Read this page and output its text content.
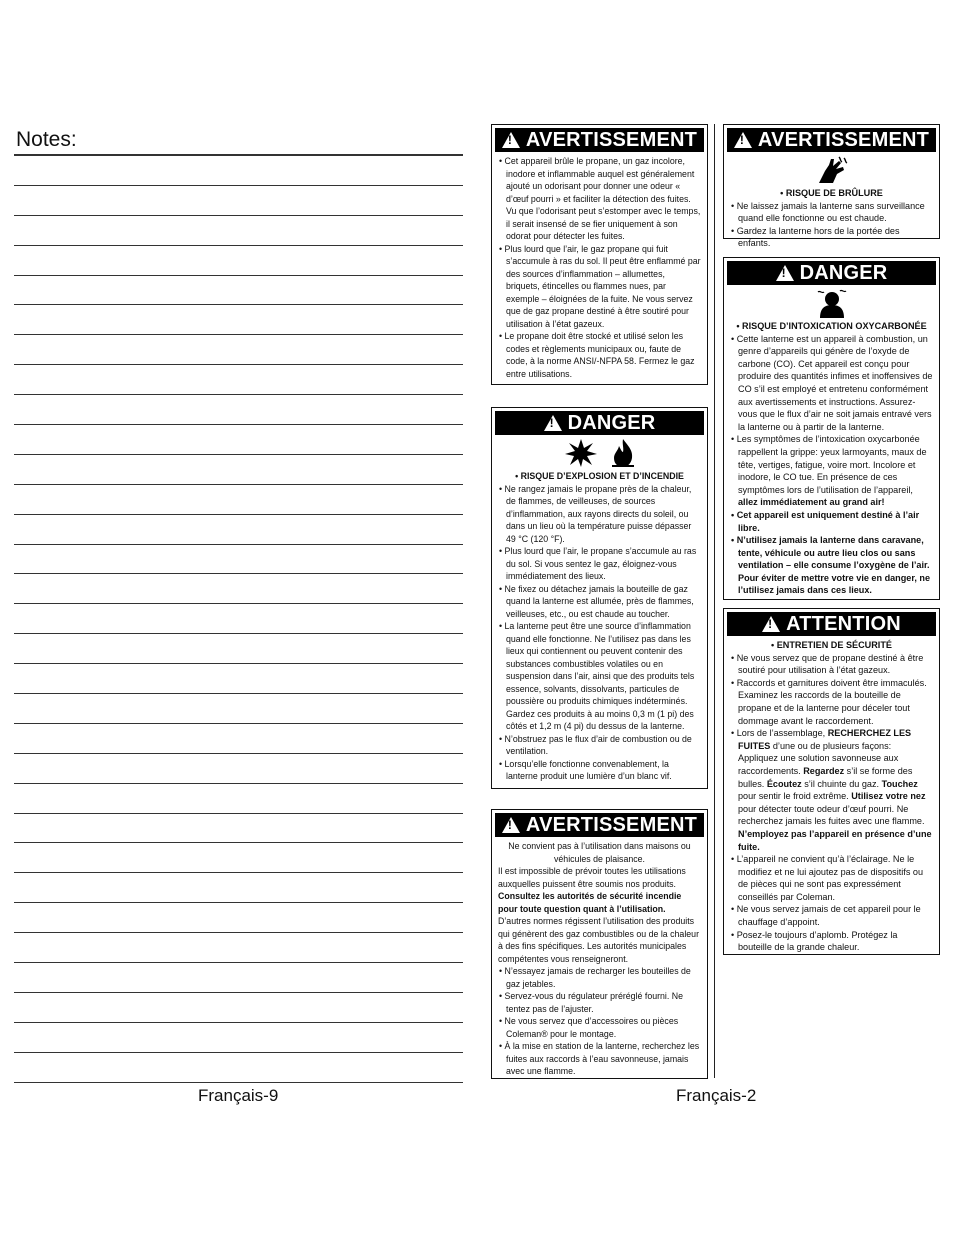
Notes:
Français-9	Français-2
!
AVERTISSEMENT
• Cet appareil brûle le propane, un gaz incolore, inodore et inflammable auquel est généralement ajouté un odorisant pour donner une odeur « d’œuf pourri » et faciliter la détection des fuites. Vu que l’odorisant peut s’estomper avec le temps, il serait insensé de se fier uniquement à son odorat pour détecter les fuites.
• Plus lourd que l’air, le gaz propane qui fuit s’accumule à ras du sol. Il peut être enflammé par des sources d’inflammation – allumettes, briquets, étincelles ou flammes nues, par exemple – éloignées de la fuite. Ne vous servez que de gaz propane destiné à être soutiré pour utilisation à l’état gazeux.
• Le propane doit être stocké et utilisé selon les codes et règlements municipaux ou, faute de code, à la norme ANSI/-NFPA 58. Fermez le gaz entre utilisations.
!
DANGER
• RISQUE D’EXPLOSION ET D’INCENDIE
• Ne rangez jamais le propane près de la chaleur, de flammes, de veilleuses, de sources d’inflammation, aux rayons directs du soleil, ou dans un lieu où la température puisse dépasser 49 °C (120 °F).
• Plus lourd que l’air, le propane s’accumule au ras du sol. Si vous sentez le gaz, éloignez-vous immédiatement des lieux.
• Ne fixez ou détachez jamais la bouteille de gaz quand la lanterne est allumée, près de flammes, veilleuses, etc., ou est chaude au toucher.
• La lanterne peut être une source d’inflammation quand elle fonctionne. Ne l’utilisez pas dans les lieux qui contiennent ou peuvent contenir des substances combustibles volatiles ou en suspension dans l’air, ainsi que des produits tels essence, solvants, dissolvants, particules de poussière ou produits chimiques indéterminés. Gardez ces produits à au moins 0,3 m (1 pi) des côtés et 1,2 m (4 pi) du dessus de la lanterne.
• N’obstruez pas le flux d’air de combustion ou de ventilation.
• Lorsqu’elle fonctionne convenablement, la lanterne produit une lumière d’un blanc vif.
!
AVERTISSEMENT
Ne convient pas à l’utilisation dans maisons ou véhicules de plaisance.
Il est impossible de prévoir toutes les utilisations auxquelles puissent être soumis nos produits.
Consultez les autorités de sécurité incendie pour toute question quant à l’utilisation.
D’autres normes régissent l’utilisation des produits qui génèrent des gaz combustibles ou de la chaleur à des fins spécifiques. Les autorités municipales compétentes vous renseigneront.
• N’essayez jamais de recharger les bouteilles de gaz jetables.
• Servez-vous du régulateur préréglé fourni. Ne tentez pas de l’ajuster.
• Ne vous servez que d’accessoires ou pièces Coleman® pour le montage.
• À la mise en station de la lanterne, recherchez les fuites aux raccords à l’eau savonneuse, jamais avec une flamme.
!
AVERTISSEMENT
• RISQUE DE BRÛLURE
• Ne laissez jamais la lanterne sans surveillance quand elle fonctionne ou est chaude.
• Gardez la lanterne hors de la portée des enfants.
!
DANGER
• RISQUE D’INTOXICATION OXYCARBONÉE
• Cette lanterne est un appareil à combustion, un genre d’appareils qui génère de l’oxyde de carbone (CO). Cet appareil est conçu pour produire des quantités infimes et inoffensives de CO s’il est employé et entretenu conformément aux avertissements et instructions. Assurez-vous que le flux d’air ne soit jamais entravé vers la lanterne ou à partir de la lanterne.
• Les symptômes de l’intoxication oxycarbonée rappellent la grippe: yeux larmoyants, maux de tête, vertiges, fatigue, voire mort. Incolore et inodore, le CO tue. En présence de ces symptômes lors de l’utilisation de l’appareil, allez immédiatement au grand air!
• Cet appareil est uniquement destiné à l’air libre.
• N’utilisez jamais la lanterne dans caravane, tente, véhicule ou autre lieu clos ou sans ventilation – elle consume l’oxygène de l’air. Pour éviter de mettre votre vie en danger, ne l’utilisez jamais dans ces lieux.
!
ATTENTION
• ENTRETIEN DE SÉCURITÉ
• Ne vous servez que de propane destiné à être soutiré pour utilisation à l’état gazeux.
• Raccords et garnitures doivent être immaculés. Examinez les raccords de la bouteille de propane et de la lanterne pour déceler tout dommage avant le raccordement.
• Lors de l’assemblage, RECHERCHEZ LES FUITES d’une ou de plusieurs façons: Appliquez une solution savonneuse aux raccordements. Regardez s’il se forme des bulles. Écoutez s’il chuinte du gaz. Touchez pour sentir le froid extrême. Utilisez votre nez pour détecter toute odeur d’œuf pourri. Ne recherchez jamais les fuites avec une flamme. N’employez pas l’appareil en présence d’une fuite.
• L’appareil ne convient qu’à l’éclairage. Ne le modifiez et ne lui ajoutez pas de dispositifs ou de pièces qui ne sont pas expressément conseillés par Coleman.
• Ne vous servez jamais de cet appareil pour le chauffage d’appoint.
• Posez-le toujours d’aplomb. Protégez la bouteille de la grande chaleur.
